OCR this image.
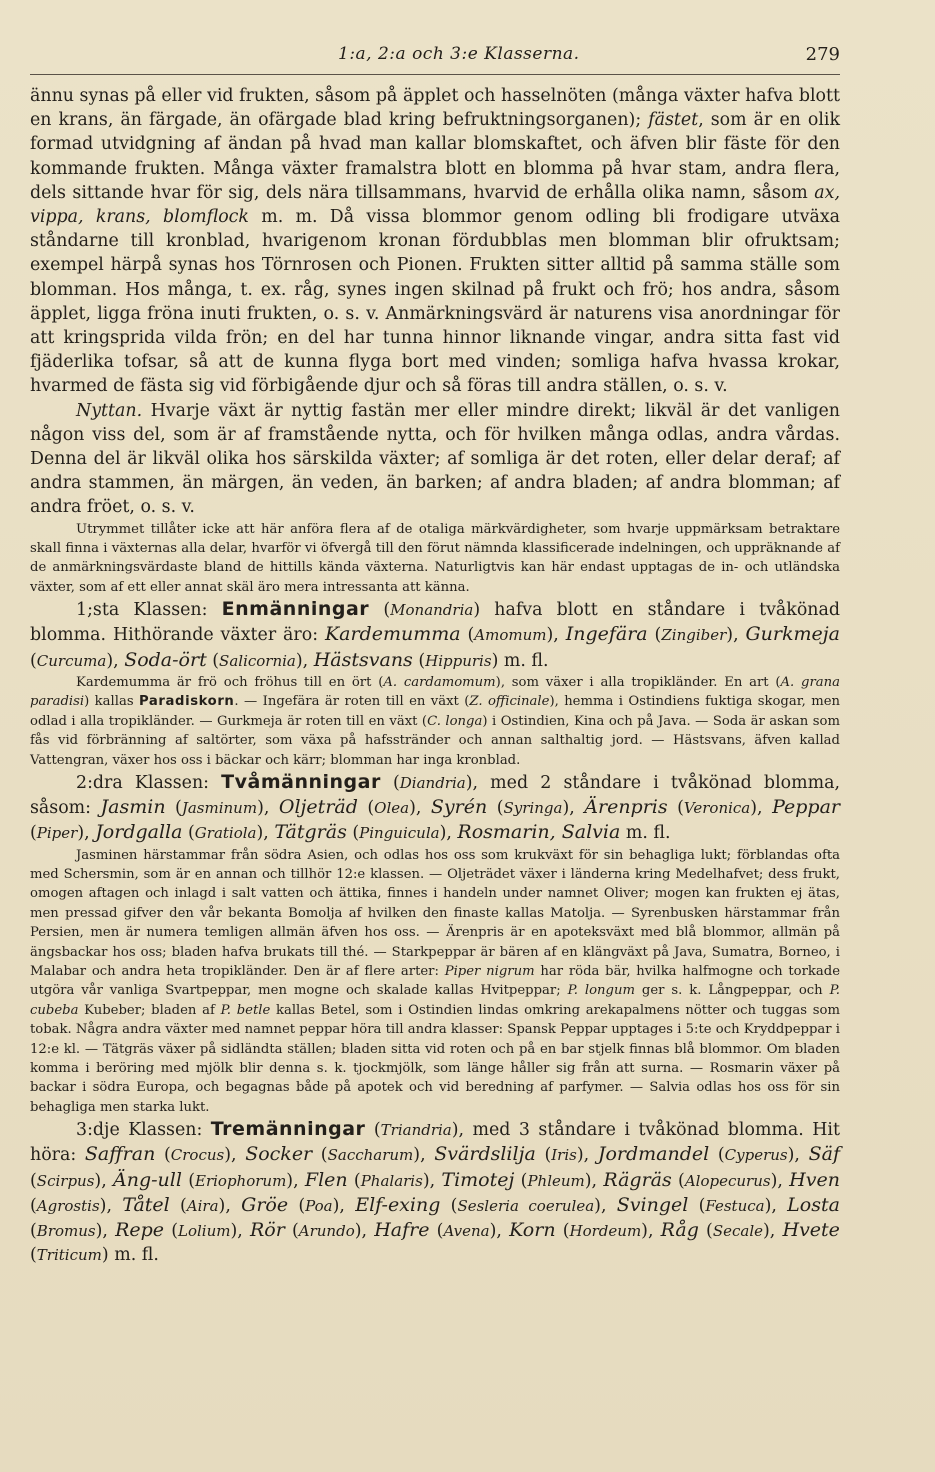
1:a, 2:a och 3:e Klasserna.	279

ännu synas på eller vid frukten, såsom på äpplet och hasselnöten (många växter hafva blott en krans, än färgade, än ofärgade blad kring befruktningsorganen); fästet, som är en olik formad utvidgning af ändan på hvad man kallar blomskaftet, och äfven blir fäste för den kommande frukten. Många växter framalstra blott en blomma på hvar stam, andra flera, dels sittande hvar för sig, dels nära tillsammans, hvarvid de erhålla olika namn, såsom ax, vippa, krans, blomflock m. m. Då vissa blommor genom odling bli frodigare utväxa ståndarne till kronblad, hvarigenom kronan fördubblas men blomman blir ofruktsam; exempel härpå synas hos Törnrosen och Pionen. Frukten sitter alltid på samma ställe som blomman. Hos många, t. ex. råg, synes ingen skilnad på frukt och frö; hos andra, såsom äpplet, ligga fröna inuti frukten, o. s. v. Anmärkningsvärd är naturens visa anordningar för att kringsprida vilda frön; en del har tunna hinnor liknande vingar, andra sitta fast vid fjäderlika tofsar, så att de kunna flyga bort med vinden; somliga hafva hvassa krokar, hvarmed de fästa sig vid förbigående djur och så föras till andra ställen, o. s. v.

Nyttan. Hvarje växt är nyttig fastän mer eller mindre direkt; likväl är det vanligen någon viss del, som är af framstående nytta, och för hvilken många odlas, andra vårdas. Denna del är likväl olika hos särskilda växter; af somliga är det roten, eller delar deraf; af andra stammen, än märgen, än veden, än barken; af andra bladen; af andra blomman; af andra fröet, o. s. v.

Utrymmet tillåter icke att här anföra flera af de otaliga märkvärdigheter, som hvarje uppmärksam betraktare skall finna i växternas alla delar, hvarför vi öfvergå till den förut nämnda klassificerade indelningen, och uppräknande af de anmärkningsvärdaste bland de hittills kända växterna. Naturligtvis kan här endast upptagas de in- och utländska växter, som af ett eller annat skäl äro mera intressanta att känna.

1;sta Klassen: Enmänningar (Monandria) hafva blott en ståndare i tvåkönad blomma. Hithörande växter äro: Kardemumma (Amomum), Ingefära (Zingiber), Gurkmeja (Curcuma), Soda-ört (Salicornia), Hästsvans (Hippuris) m. fl.

Kardemumma är frö och fröhus till en ört (A. cardamomum), som växer i alla tropikländer. En art (A. grana paradisi) kallas Paradiskorn. — Ingefära är roten till en växt (Z. officinale), hemma i Ostindiens fuktiga skogar, men odlad i alla tropikländer. — Gurkmeja är roten till en växt (C. longa) i Ostindien, Kina och på Java. — Soda är askan som fås vid förbränning af saltörter, som växa på hafsstränder och annan salthaltig jord. — Hästsvans, äfven kallad Vattengran, växer hos oss i bäckar och kärr; blomman har inga kronblad.

2:dra Klassen: Tvåmänningar (Diandria), med 2 ståndare i tvåkönad blomma, såsom: Jasmin (Jasminum), Oljeträd (Olea), Syrén (Syringa), Ärenpris (Veronica), Peppar (Piper), Jordgalla (Gratiola), Tätgräs (Pinguicula), Rosmarin, Salvia m. fl.

Jasminen härstammar från södra Asien, och odlas hos oss som krukväxt för sin behagliga lukt; förblandas ofta med Schersmin, som är en annan och tillhör 12:e klassen. — Oljeträdet växer i länderna kring Medelhafvet; dess frukt, omogen aftagen och inlagd i salt vatten och ättika, finnes i handeln under namnet Oliver; mogen kan frukten ej ätas, men pressad gifver den vår bekanta Bomolja af hvilken den finaste kallas Matolja. — Syrenbusken härstammar från Persien, men är numera temligen allmän äfven hos oss. — Ärenpris är en apoteksväxt med blå blommor, allmän på ängsbackar hos oss; bladen hafva brukats till thé. — Starkpeppar är bären af en klängväxt på Java, Sumatra, Borneo, i Malabar och andra heta tropikländer. Den är af flere arter: Piper nigrum har röda bär, hvilka halfmogne och torkade utgöra vår vanliga Svartpeppar, men mogne och skalade kallas Hvitpeppar; P. longum ger s. k. Långpeppar, och P. cubeba Kubeber; bladen af P. betle kallas Betel, som i Ostindien lindas omkring arekapalmens nötter och tuggas som tobak. Några andra växter med namnet peppar höra till andra klasser: Spansk Peppar upptages i 5:te och Kryddpeppar i 12:e kl. — Tätgräs växer på sidländta ställen; bladen sitta vid roten och på en bar stjelk finnas blå blommor. Om bladen komma i beröring med mjölk blir denna s. k. tjockmjölk, som länge håller sig från att surna. — Rosmarin växer på backar i södra Europa, och begagnas både på apotek och vid beredning af parfymer. — Salvia odlas hos oss för sin behagliga men starka lukt.

3:dje Klassen: Tremänningar (Triandria), med 3 ståndare i tvåkönad blomma. Hit höra: Saffran (Crocus), Socker (Saccharum), Svärdslilja (Iris), Jordmandel (Cyperus), Säf (Scirpus), Äng-ull (Eriophorum), Flen (Phalaris), Timotej (Phleum), Rägräs (Alopecurus), Hven (Agrostis), Tåtel (Aira), Gröe (Poa), Elf-exing (Sesleria coerulea), Svingel (Festuca), Losta (Bromus), Repe (Lolium), Rör (Arundo), Hafre (Avena), Korn (Hordeum), Råg (Secale), Hvete (Triticum) m. fl.
